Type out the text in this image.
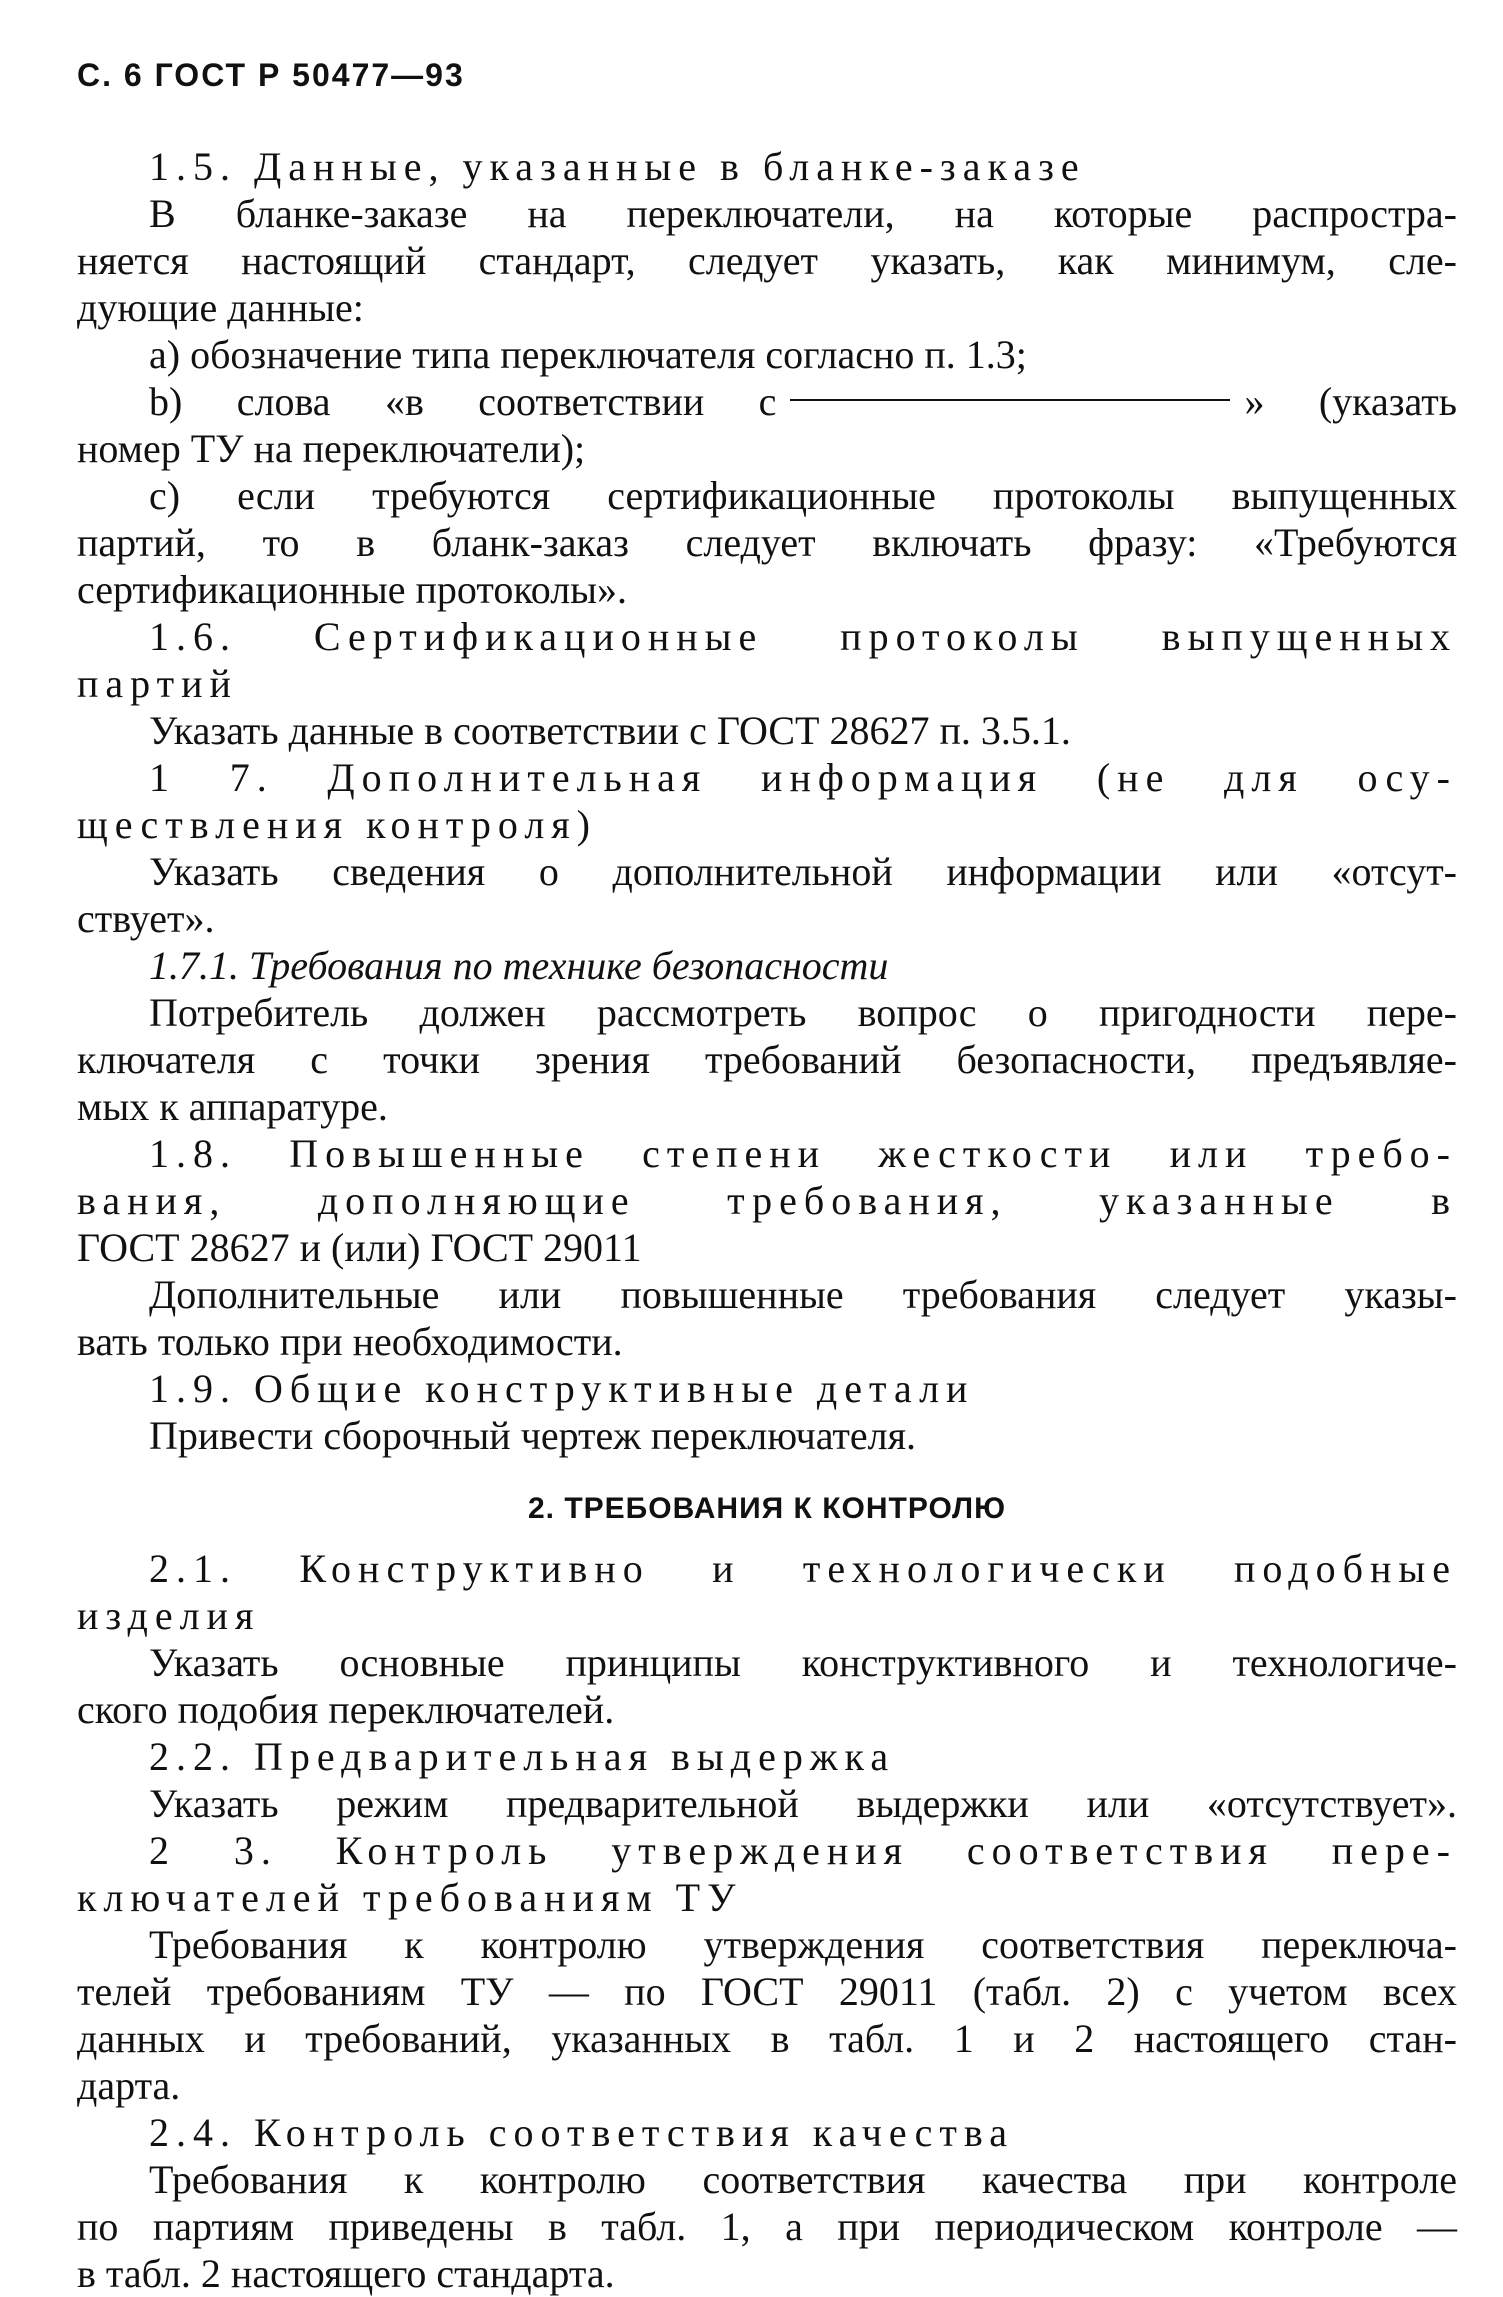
С. 6 ГОСТ Р 50477—93
1.5. Данные, указанные в бланке-заказе
В бланке-заказе на переключатели, на которые распростра-
няется настоящий стандарт, следует указать, как минимум, сле-
дующие данные:
а) обозначение типа переключателя согласно п. 1.3;
b) слова «в соответствии с	» (указать
номер ТУ на переключатели);
с) если требуются сертификационные протоколы выпущенных
партий, то в бланк-заказ следует включать фразу: «Требуются
сертификационные протоколы».
1.6. Сертификационные протоколы выпущенных
партий
Указать данные в соответствии с ГОСТ 28627 п. 3.5.1.
1 7. Дополнительная информация (не для осу-
ществления контроля)
Указать сведения о дополнительной информации или «отсут-
ствует».
1.7.1. Требования по технике безопасности
Потребитель должен рассмотреть вопрос о пригодности пере-
ключателя с точки зрения требований безопасности, предъявляе-
мых к аппаратуре.
1.8. Повышенные степени жесткости или требо-
вания, дополняющие требования, указанные в
ГОСТ 28627 и (или) ГОСТ 29011
Дополнительные или повышенные требования следует указы-
вать только при необходимости.
1.9. Общие конструктивные детали
Привести сборочный чертеж переключателя.
2. ТРЕБОВАНИЯ К КОНТРОЛЮ
2.1. Конструктивно и технологически подобные
изделия
Указать основные принципы конструктивного и технологиче-
ского подобия переключателей.
2.2. Предварительная выдержка
Указать режим предварительной выдержки или «отсутствует».
2 3. Контроль утверждения соответствия пере-
ключателей требованиям ТУ
Требования к контролю утверждения соответствия переключа-
телей требованиям ТУ — по ГОСТ 29011 (табл. 2) с учетом всех
данных и требований, указанных в табл. 1 и 2 настоящего стан-
дарта.
2.4. Контроль соответствия качества
Требования к контролю соответствия качества при контроле
по партиям приведены в табл. 1, а при периодическом контроле —
в табл. 2 настоящего стандарта.
